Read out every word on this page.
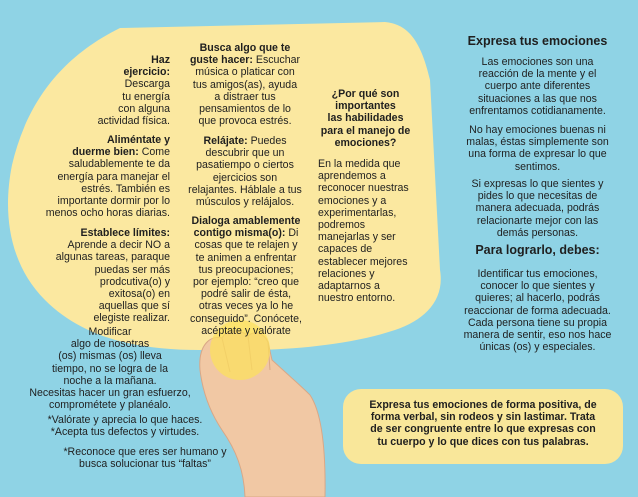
Haz
ejercicio:
Descarga
tu energía
con alguna
actividad física.
Aliméntate y
duerme bien: Come
saludablemente te da
energía para manejar el
estrés. También es
importante dormir por lo
menos ocho horas diarias.
Establece límites:
Aprende a decir NO a
algunas tareas, paraque
puedas ser más
prodcutiva(o) y
exitosa(o) en
aquellas que sí
elegiste realizar.
Modificar
algo de nosotras
(os) mismas (os) lleva
tiempo, no se logra de la
noche a la mañana.
Necesitas hacer un gran esfuerzo,
comprométete y planéalo.
*Valórate y aprecia lo que haces.
*Acepta tus defectos y virtudes.
*Reconoce que eres ser humano y
busca solucionar tus “faltas”
Busca algo que te
guste hacer: Escuchar
música o platicar con
tus amigos(as), ayuda
a distraer tus
pensamientos de lo
que provoca estrés.
Relájate: Puedes
descubrir que un
pasatiempo o ciertos
ejercicios son
relajantes. Háblale a tus
músculos y relájalos.
Dialoga amablemente
contigo misma(o): Di
cosas que te relajen y
te animen a enfrentar
tus preocupaciones;
por ejemplo: “creo que
podré salir de ésta,
otras veces ya lo he
conseguido”. Conócete,
acéptate y valórate
¿Por qué son
importantes
las habilidades
para el manejo de
emociones?
En la medida que
aprendemos a
reconocer nuestras
emociones y a
experimentarlas,
podremos
manejarlas y ser
capaces de
establecer mejores
relaciones y
adaptarnos a
nuestro entorno.
Expresa tus emociones
Las emociones son una
reacción de la mente y el
cuerpo ante diferentes
situaciones a las que nos
enfrentamos cotidianamente.
No hay emociones buenas ni
malas, éstas simplemente son
una forma de expresar lo que
sentimos.
Si expresas lo que sientes y
pides lo que necesitas de
manera adecuada, podrás
relacionarte mejor con las
demás personas.
Para lograrlo, debes:
Identificar tus emociones,
conocer lo que sientes y
quieres; al hacerlo, podrás
reaccionar de forma adecuada.
Cada persona tiene su propia
manera de sentir, eso nos hace
únicas (os) y especiales.
Expresa tus emociones de forma positiva, de
forma verbal, sin rodeos y sin lastimar. Trata
de ser congruente entre lo que expresas con
tu cuerpo y lo que dices con tus palabras.
